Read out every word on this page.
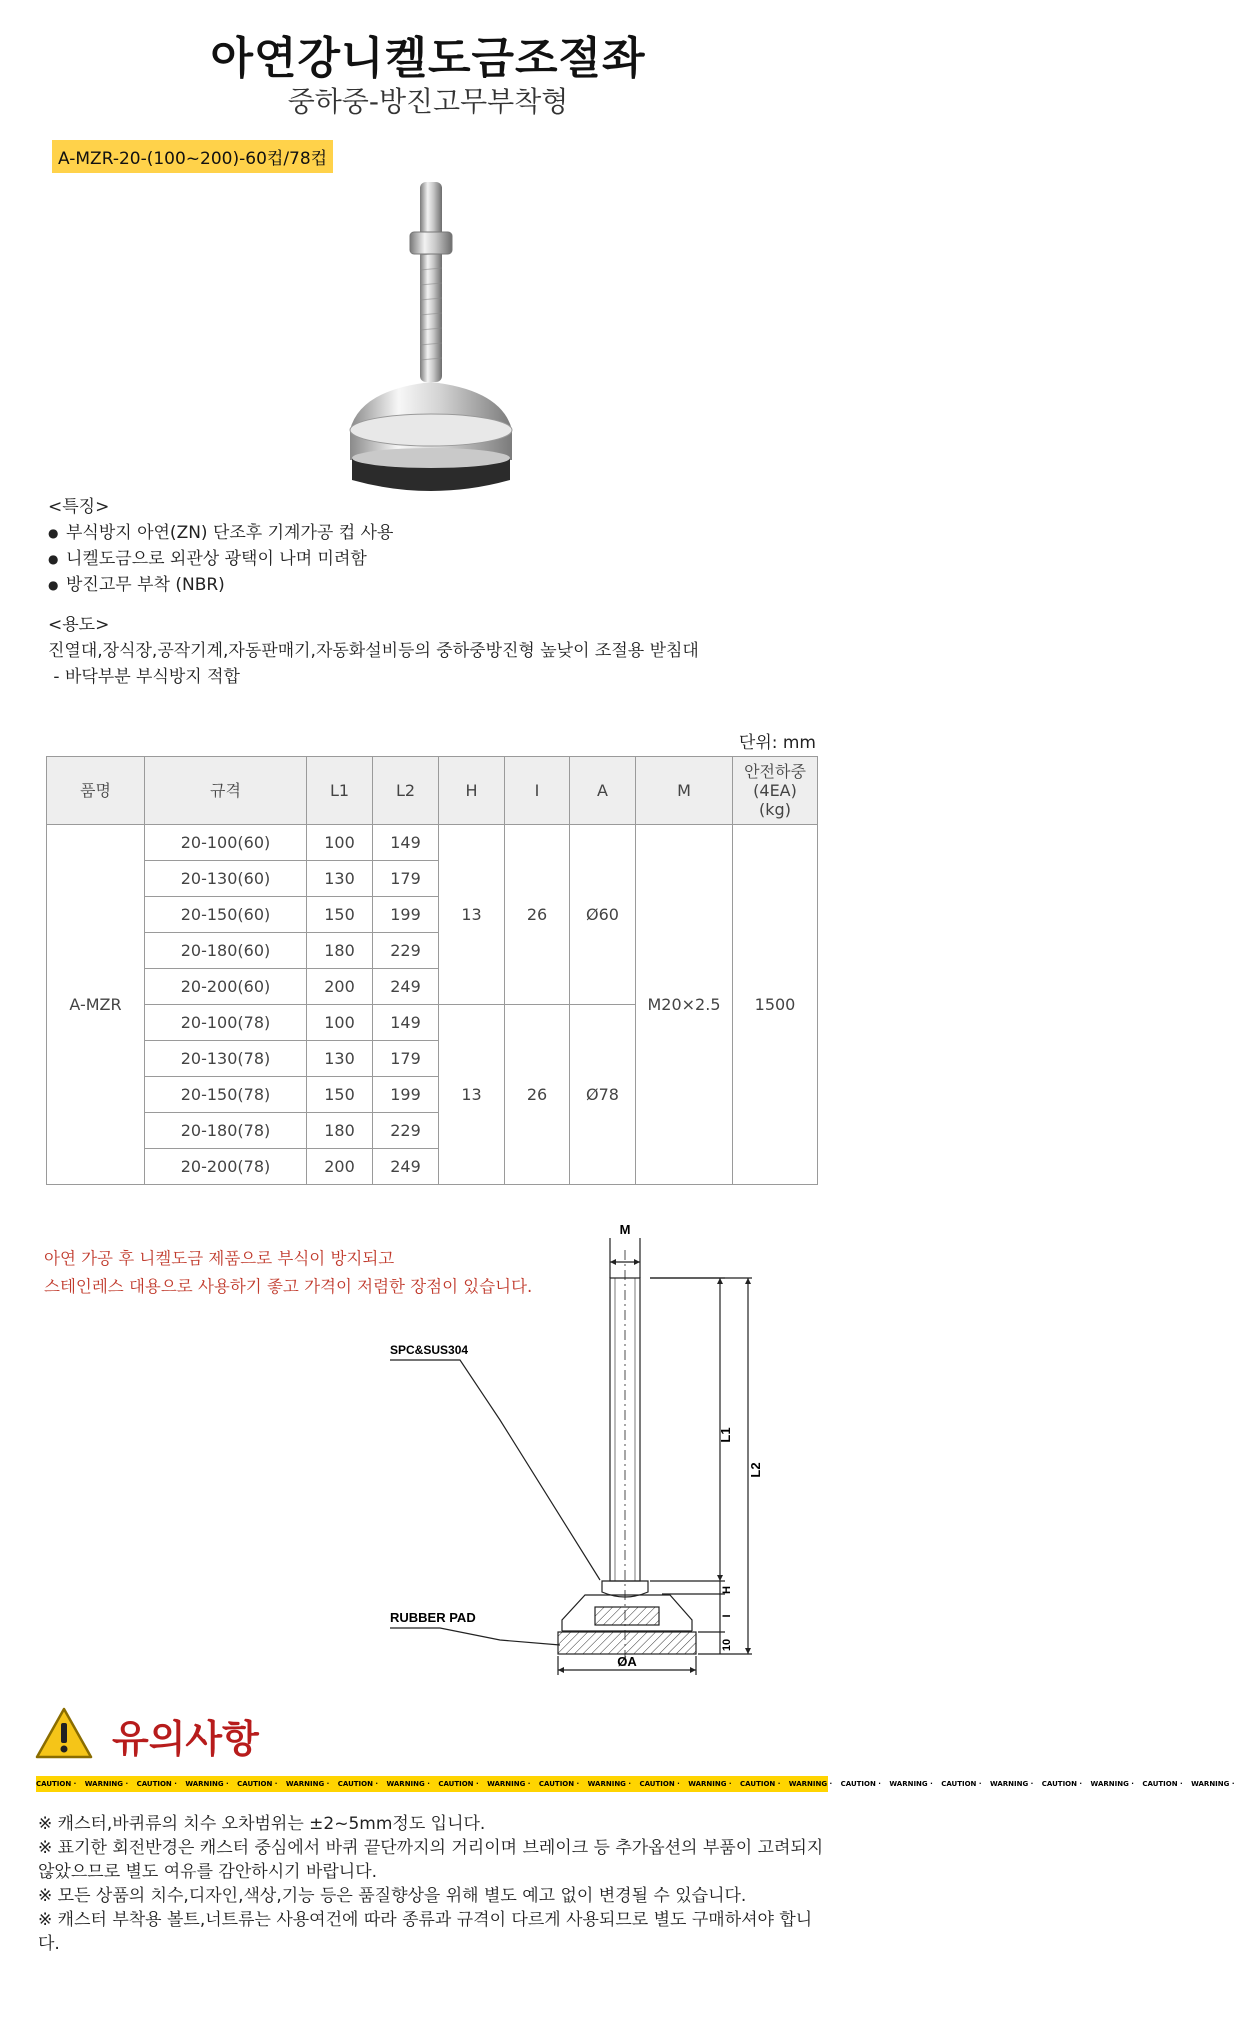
아연강니켈도금조절좌
중하중-방진고무부착형
A-MZR-20-(100~200)-60컵/78컵
<특징>
● 부식방지 아연(ZN) 단조후 기계가공 컵 사용
● 니켈도금으로 외관상 광택이 나며 미려함
● 방진고무 부착 (NBR)
<용도>
진열대,장식장,공작기계,자동판매기,자동화설비등의 중하중방진형 높낮이 조절용 받침대
- 바닥부분 부식방지 적합
단위: mm
품명	규격	L1	L2	H	I	A	M	안전하중
(4EA)
(kg)

A-MZR	20-100(60)	100	149	13	26	Ø60	M20×2.5	1500
	20-130(60)	130	179					
	20-150(60)	150	199					
	20-180(60)	180	229					
	20-200(60)	200	249					
	20-100(78)	100	149	13	26	Ø78		
	20-130(78)	130	179					
	20-150(78)	150	199					
	20-180(78)	180	229					
	20-200(78)	200	249					
아연 가공 후 니켈도금 제품으로 부식이 방지되고
스테인레스 대용으로 사용하기 좋고 가격이 저렴한 장점이 있습니다.
M
L1
L2
H
I
10
ØA
SPC&SUS304
RUBBER PAD
유의사항
CAUTION · WARNING · CAUTION · WARNING · CAUTION · WARNING · CAUTION · WARNING · CAUTION · WARNING · CAUTION · WARNING · CAUTION · WARNING · CAUTION · WARNING · CAUTION · WARNING · CAUTION · WARNING · CAUTION · WARNING · CAUTION · WARNING ·

※ 캐스터,바퀴류의 치수 오차범위는 ±2~5mm정도 입니다.

※ 표기한 회전반경은 캐스터 중심에서 바퀴 끝단까지의 거리이며 브레이크 등 추가옵션의 부품이 고려되지 않았으므로 별도 여유를 감안하시기 바랍니다.

※ 모든 상품의 치수,디자인,색상,기능 등은 품질향상을 위해 별도 예고 없이 변경될 수 있습니다.

※ 캐스터 부착용 볼트,너트류는 사용여건에 따라 종류과 규격이 다르게 사용되므로 별도 구매하셔야 합니다.
